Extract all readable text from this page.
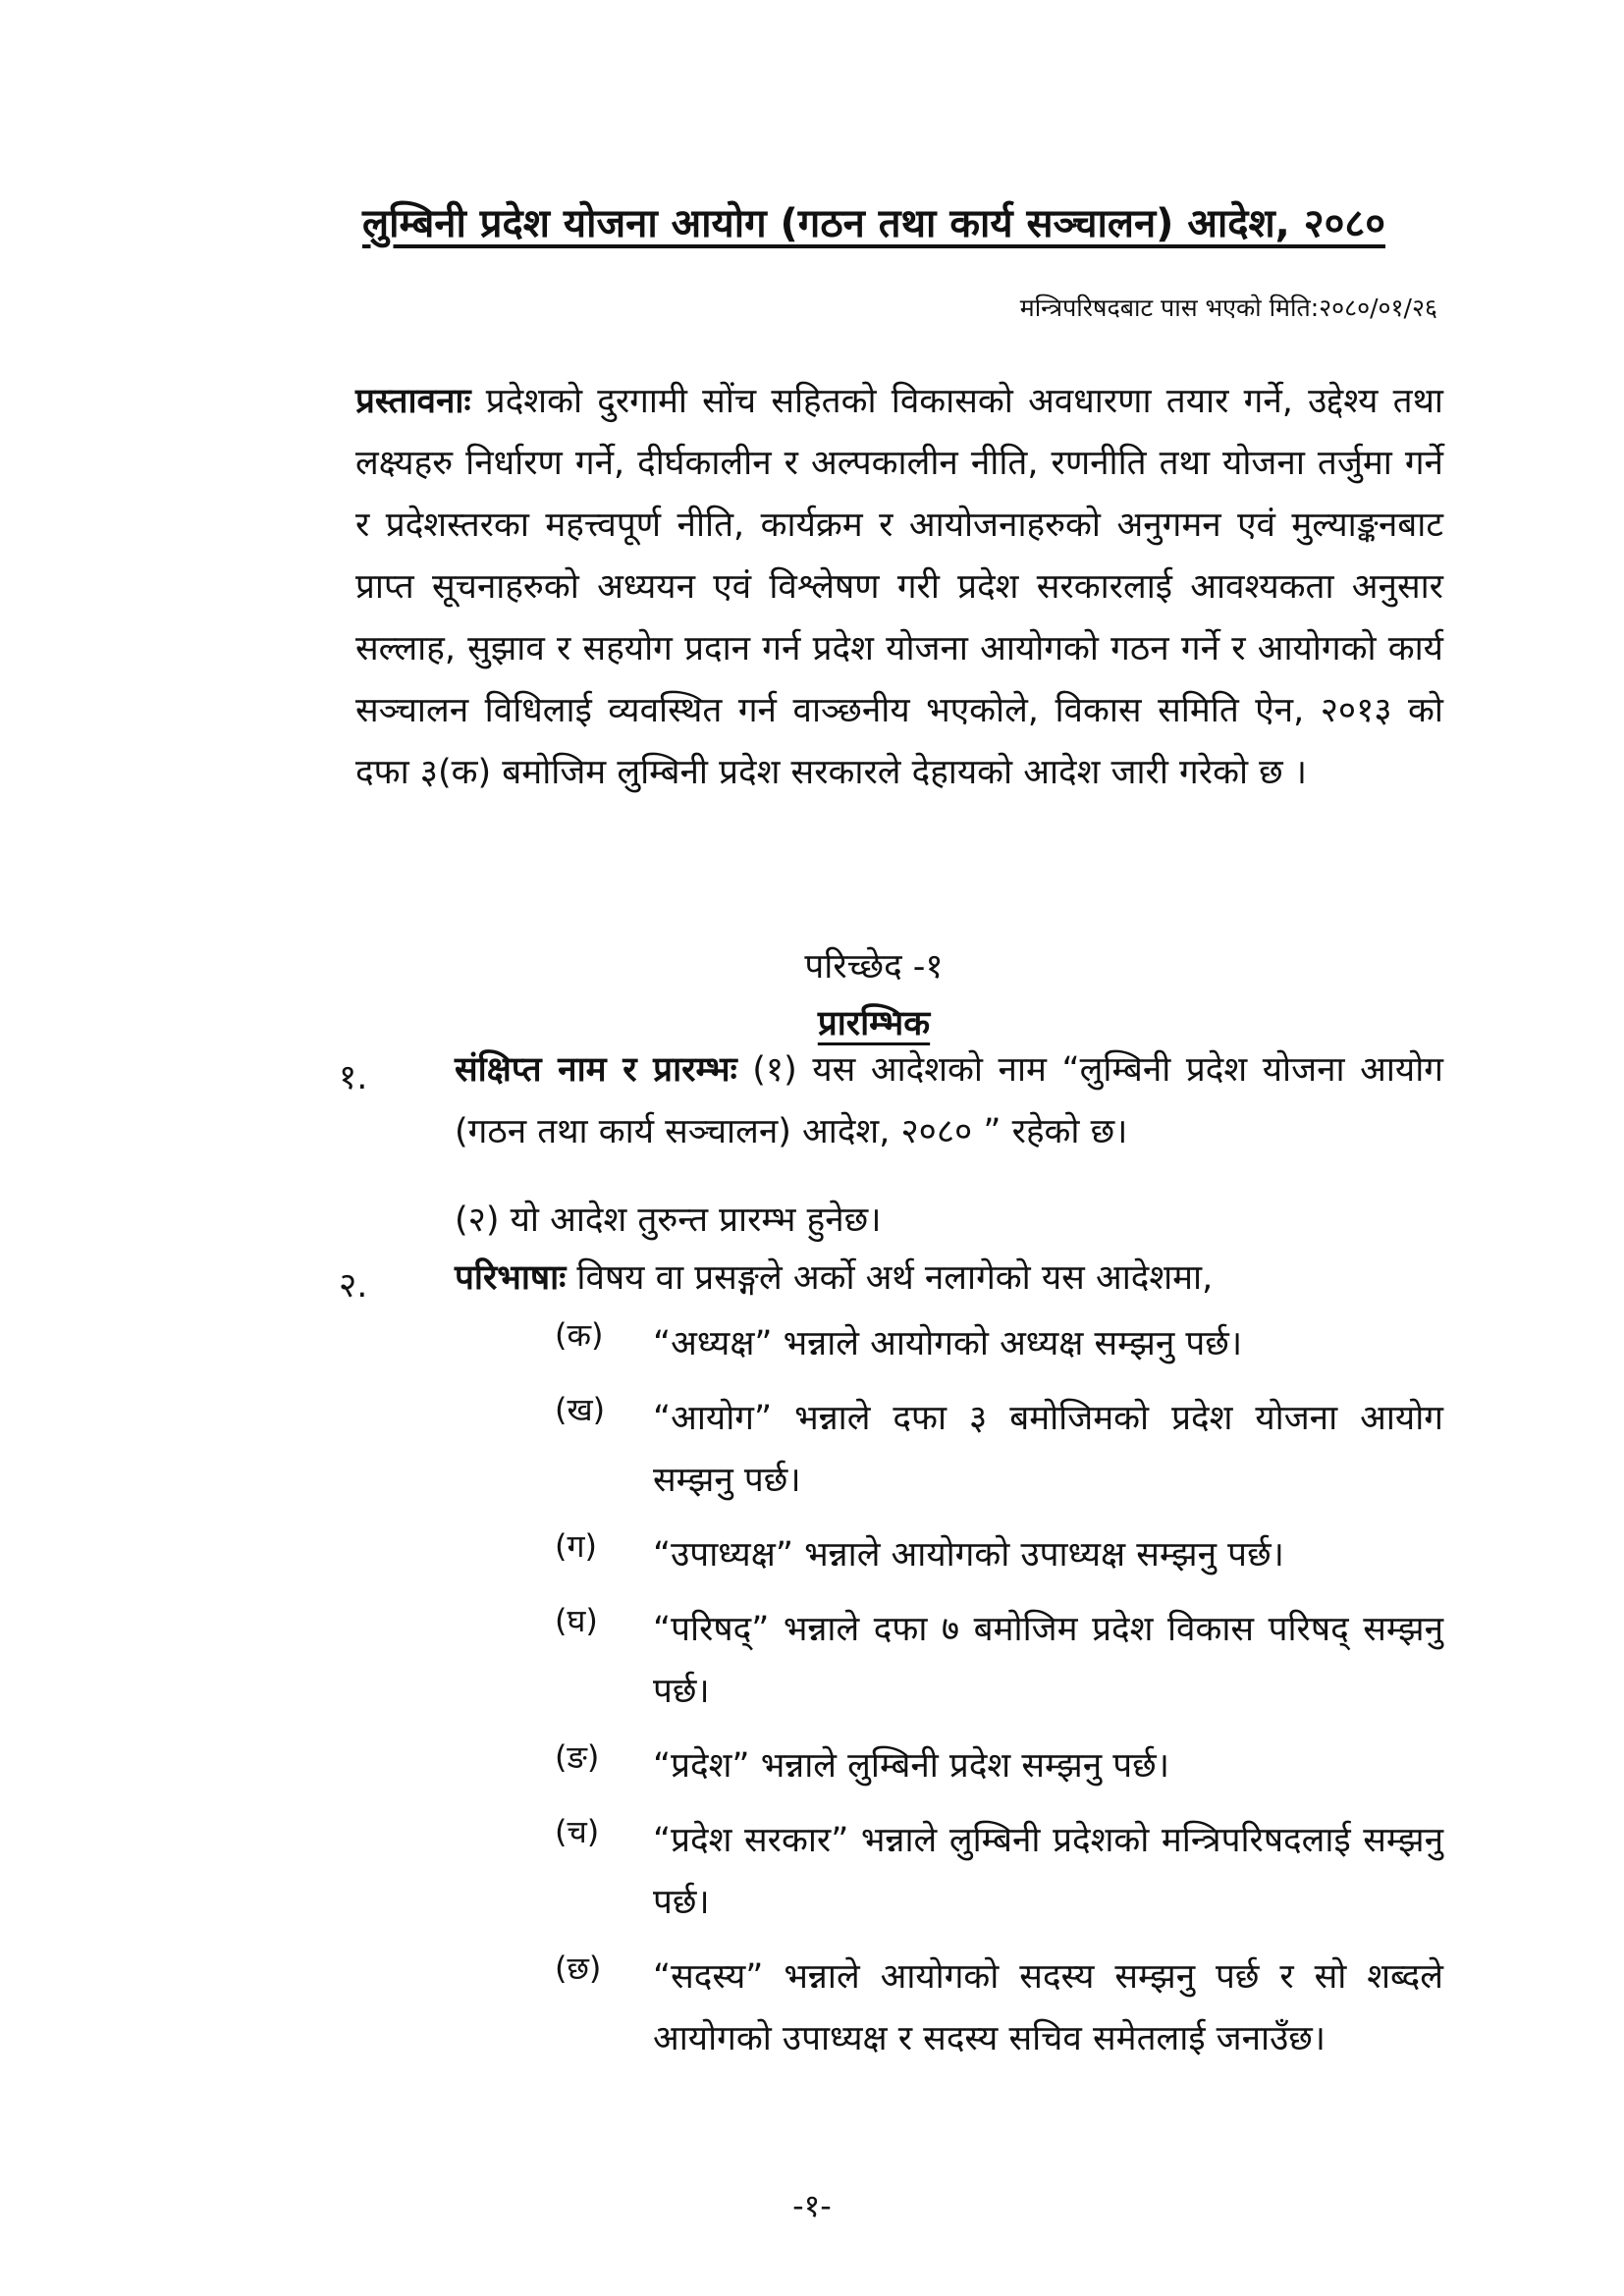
लुम्बिनी प्रदेश योजना आयोग (गठन तथा कार्य सञ्चालन) आदेश, २०८०
मन्त्रिपरिषदबाट पास भएको मिति:२०८०/०१/२६
प्रस्तावनाः प्रदेशको दुरगामी सोंच सहितको विकासको अवधारणा तयार गर्ने, उद्देश्य तथा लक्ष्यहरु निर्धारण गर्ने, दीर्घकालीन र अल्पकालीन नीति, रणनीति तथा योजना तर्जुमा गर्ने र प्रदेशस्तरका महत्त्वपूर्ण नीति, कार्यक्रम र आयोजनाहरुको अनुगमन एवं मुल्याङ्कनबाट प्राप्त सूचनाहरुको अध्ययन एवं विश्लेषण गरी प्रदेश सरकारलाई आवश्यकता अनुसार सल्लाह, सुझाव र सहयोग प्रदान गर्न प्रदेश योजना आयोगको गठन गर्ने र आयोगको कार्य सञ्चालन विधिलाई व्यवस्थित गर्न वाञ्छनीय भएकोले, विकास समिति ऐन, २०१३ को दफा ३(क) बमोजिम लुम्बिनी प्रदेश सरकारले देहायको आदेश जारी गरेको छ ।
परिच्छेद -१
प्रारम्भिक
१.	संक्षिप्त नाम र प्रारम्भः (१) यस आदेशको नाम “लुम्बिनी प्रदेश योजना आयोग (गठन तथा कार्य सञ्चालन) आदेश, २०८० ” रहेको छ।
(२) यो आदेश तुरुन्त प्रारम्भ हुनेछ।
२.	परिभाषाः विषय वा प्रसङ्गले अर्को अर्थ नलागेको यस आदेशमा,
(क) “अध्यक्ष” भन्नाले आयोगको अध्यक्ष सम्झनु पर्छ।
(ख) “आयोग” भन्नाले दफा ३ बमोजिमको प्रदेश योजना आयोग सम्झनु पर्छ।
(ग) “उपाध्यक्ष” भन्नाले आयोगको उपाध्यक्ष सम्झनु पर्छ।
(घ) “परिषद्” भन्नाले दफा ७ बमोजिम प्रदेश विकास परिषद् सम्झनु पर्छ।
(ङ) “प्रदेश” भन्नाले लुम्बिनी प्रदेश सम्झनु पर्छ।
(च) “प्रदेश सरकार” भन्नाले लुम्बिनी प्रदेशको मन्त्रिपरिषदलाई सम्झनु पर्छ।
(छ) “सदस्य” भन्नाले आयोगको सदस्य सम्झनु पर्छ र सो शब्दले आयोगको उपाध्यक्ष र सदस्य सचिव समेतलाई जनाउँछ।
-१-
